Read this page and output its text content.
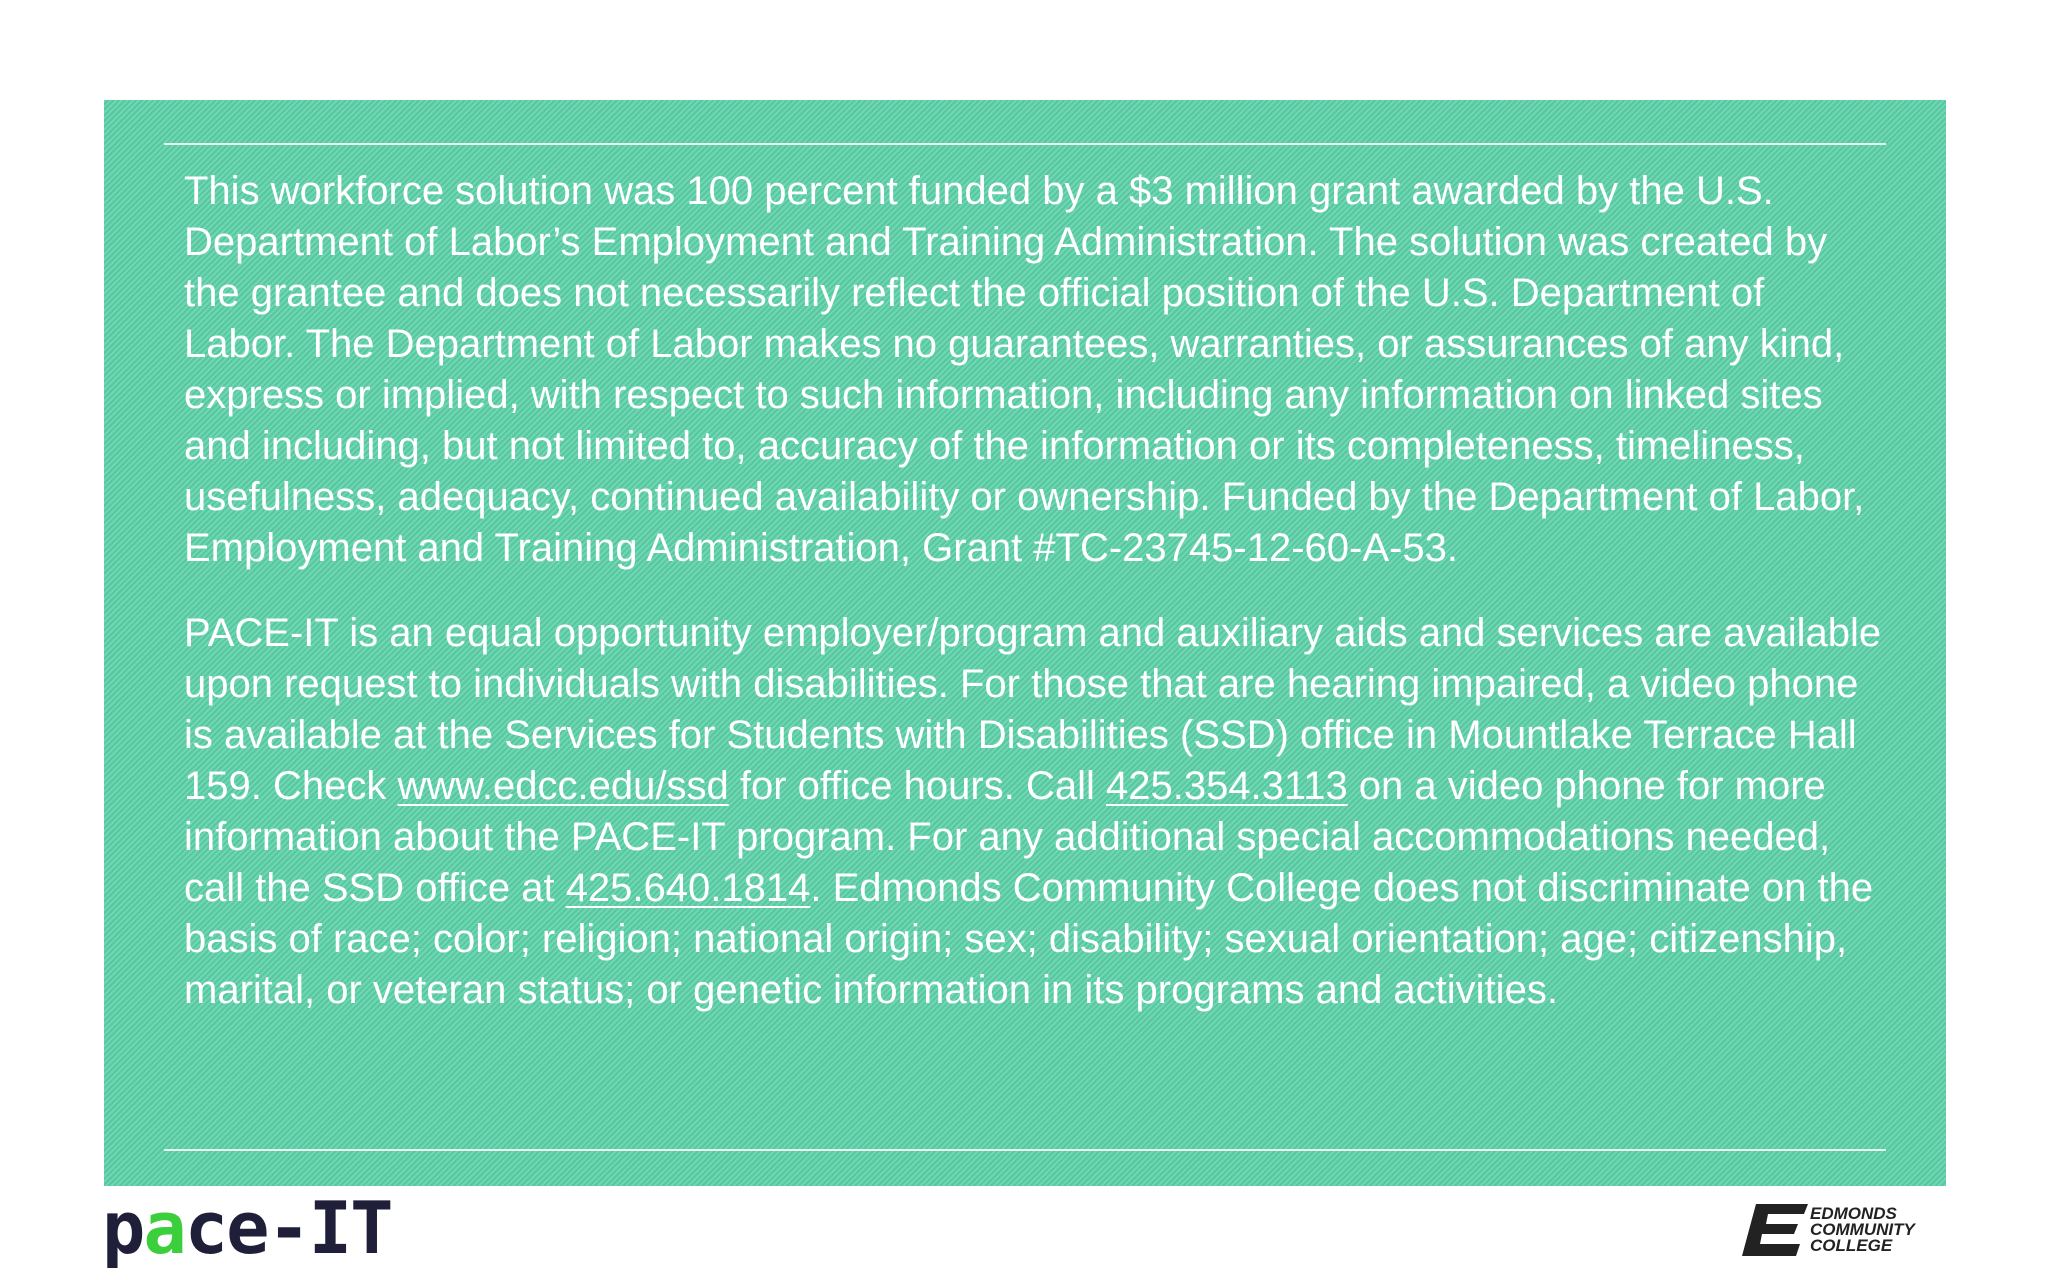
This workforce solution was 100 percent funded by a $3 million grant awarded by the U.S. Department of Labor’s Employment and Training Administration. The solution was created by the grantee and does not necessarily reflect the official position of the U.S. Department of Labor. The Department of Labor makes no guarantees, warranties, or assurances of any kind, express or implied, with respect to such information, including any information on linked sites and including, but not limited to, accuracy of the information or its completeness, timeliness, usefulness, adequacy, continued availability or ownership. Funded by the Department of Labor, Employment and Training Administration, Grant #TC-23745-12-60-A-53.

PACE-IT is an equal opportunity employer/program and auxiliary aids and services are available upon request to individuals with disabilities. For those that are hearing impaired, a video phone is available at the Services for Students with Disabilities (SSD) office in Mountlake Terrace Hall 159. Check www.edcc.edu/ssd for office hours. Call 425.354.3113 on a video phone for more information about the PACE-IT program. For any additional special accommodations needed, call the SSD office at 425.640.1814. Edmonds Community College does not discriminate on the basis of race; color; religion; national origin; sex; disability; sexual orientation; age; citizenship, marital, or veteran status; or genetic information in its programs and activities.

p a ce- IT	EDMONDS
COMMUNITY
COLLEGE
